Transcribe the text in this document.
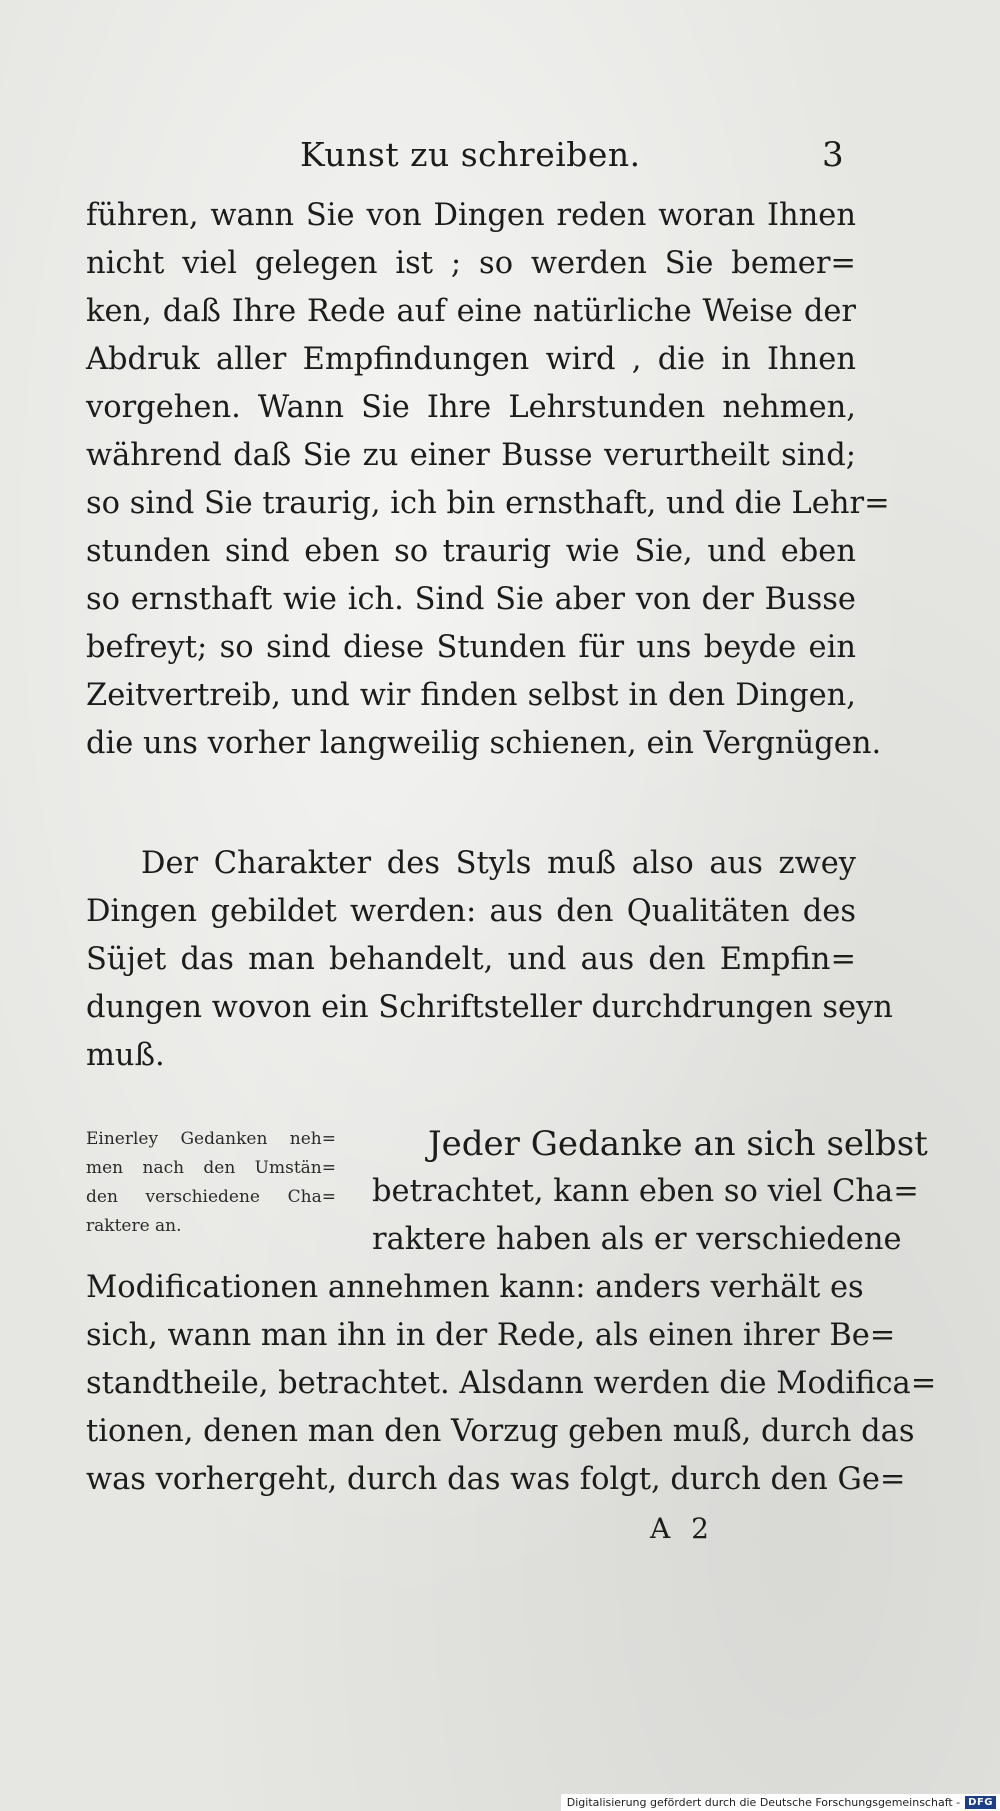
Kunst zu schreiben.	3
führen, wann Sie von Dingen reden woran Ihnen
nicht viel gelegen ist ; so werden Sie bemer=
ken, daß Ihre Rede auf eine natürliche Weise der
Abdruk aller Empfindungen wird , die in Ihnen
vorgehen. Wann Sie Ihre Lehrstunden nehmen,
während daß Sie zu einer Busse verurtheilt sind;
so sind Sie traurig, ich bin ernsthaft, und die Lehr=
stunden sind eben so traurig wie Sie, und eben
so ernsthaft wie ich. Sind Sie aber von der Busse
befreyt; so sind diese Stunden für uns beyde ein
Zeitvertreib, und wir finden selbst in den Dingen,
die uns vorher langweilig schienen, ein Vergnügen.
Der Charakter des Styls muß also aus zwey
Dingen gebildet werden: aus den Qualitäten des
Süjet das man behandelt, und aus den Empfin=
dungen wovon ein Schriftsteller durchdrungen seyn
muß.
Einerley Gedanken neh=
men nach den Umstän=
den verschiedene Cha=
raktere an.
Jeder Gedanke an sich selbst
betrachtet, kann eben so viel Cha=
raktere haben als er verschiedene
Modificationen annehmen kann: anders verhält es
sich, wann man ihn in der Rede, als einen ihrer Be=
standtheile, betrachtet. Alsdann werden die Modifica=
tionen, denen man den Vorzug geben muß, durch das
was vorhergeht, durch das was folgt, durch den Ge=
A 2
Digitalisierung gefördert durch die Deutsche Forschungsgemeinschaft - DFG
